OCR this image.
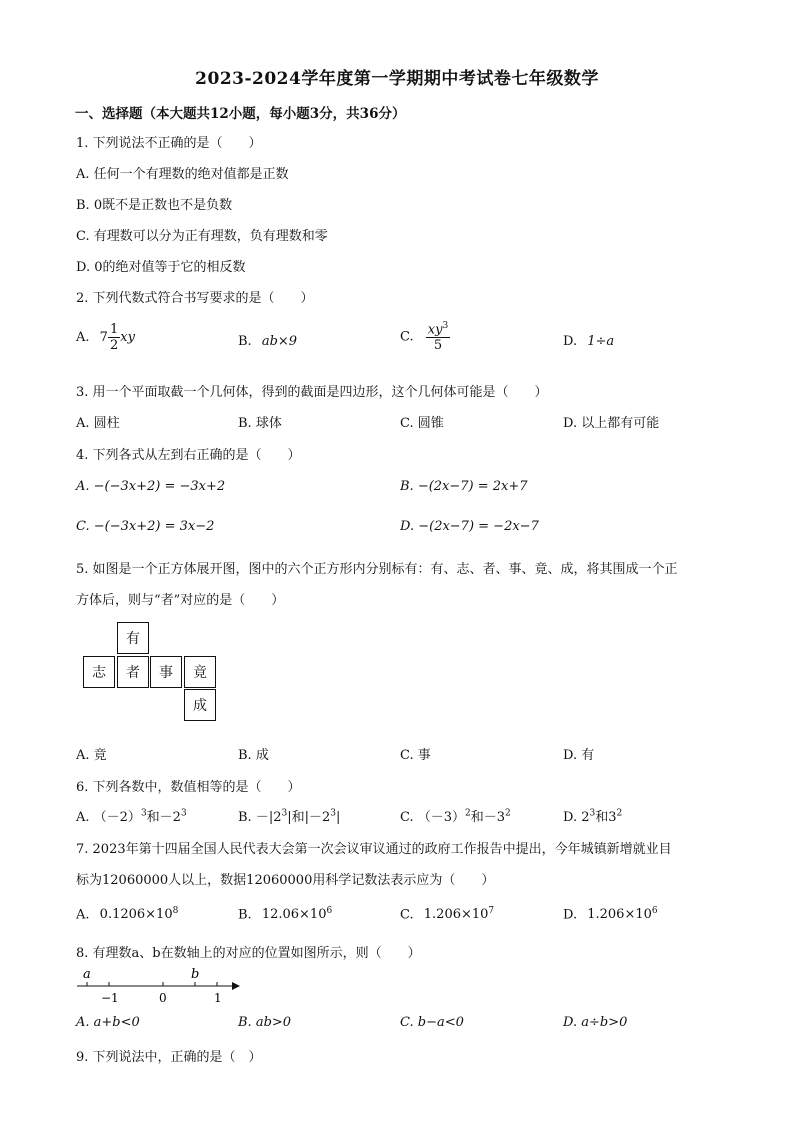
2023-2024学年度第一学期期中考试卷七年级数学
一、选择题（本大题共12小题，每小题3分，共36分）
1. 下列说法不正确的是（　　）
A. 任何一个有理数的绝对值都是正数
B. 0既不是正数也不是负数
C. 有理数可以分为正有理数，负有理数和零
D. 0的绝对值等于它的相反数
2. 下列代数式符合书写要求的是（　　）
A. $7 \frac{1}{2}$ xy	B. ab×9	C. $\frac{xy^3}{5}$	D. 1÷a
3. 用一个平面取截一个几何体，得到的截面是四边形，这个几何体可能是（　　）
A. 圆柱	B. 球体	C. 圆锥	D. 以上都有可能
4. 下列各式从左到右正确的是（　　）
A. −(−3x+2) = −3x+2	B. −(2x−7) = 2x+7
C. −(−3x+2) = 3x−2	D. −(2x−7) = −2x−7
5. 如图是一个正方体展开图，图中的六个正方形内分别标有：有、志、者、事、竟、成，将其围成一个正
方体后，则与“者”对应的是（　　）
有
志	者	事	竟
成
A. 竟	B. 成	C. 事	D. 有
6. 下列各数中，数值相等的是（　　）
A. $(-2)^3$和$-2^3$	B. $-|2^3|$和$|-2^3|$	C. $(-3)^2$和$-3^2$	D. $2^3$和$3^2$
7. 2023年第十四届全国人民代表大会第一次会议审议通过的政府工作报告中提出，今年城镇新增就业目
标为12060000人以上，数据12060000用科学记数法表示应为（　　）
A. $0.1206\times 10^8$	B. $12.06\times 10^6$	C. $1.206\times 10^7$	D. $1.206\times 10^6$
8. 有理数a、b在数轴上的对应的位置如图所示，则（　　）
a	b
−1	0	1
A. a+b<0	B. ab>0	C. b−a<0	D. a÷b>0
9. 下列说法中，正确的是（　）
